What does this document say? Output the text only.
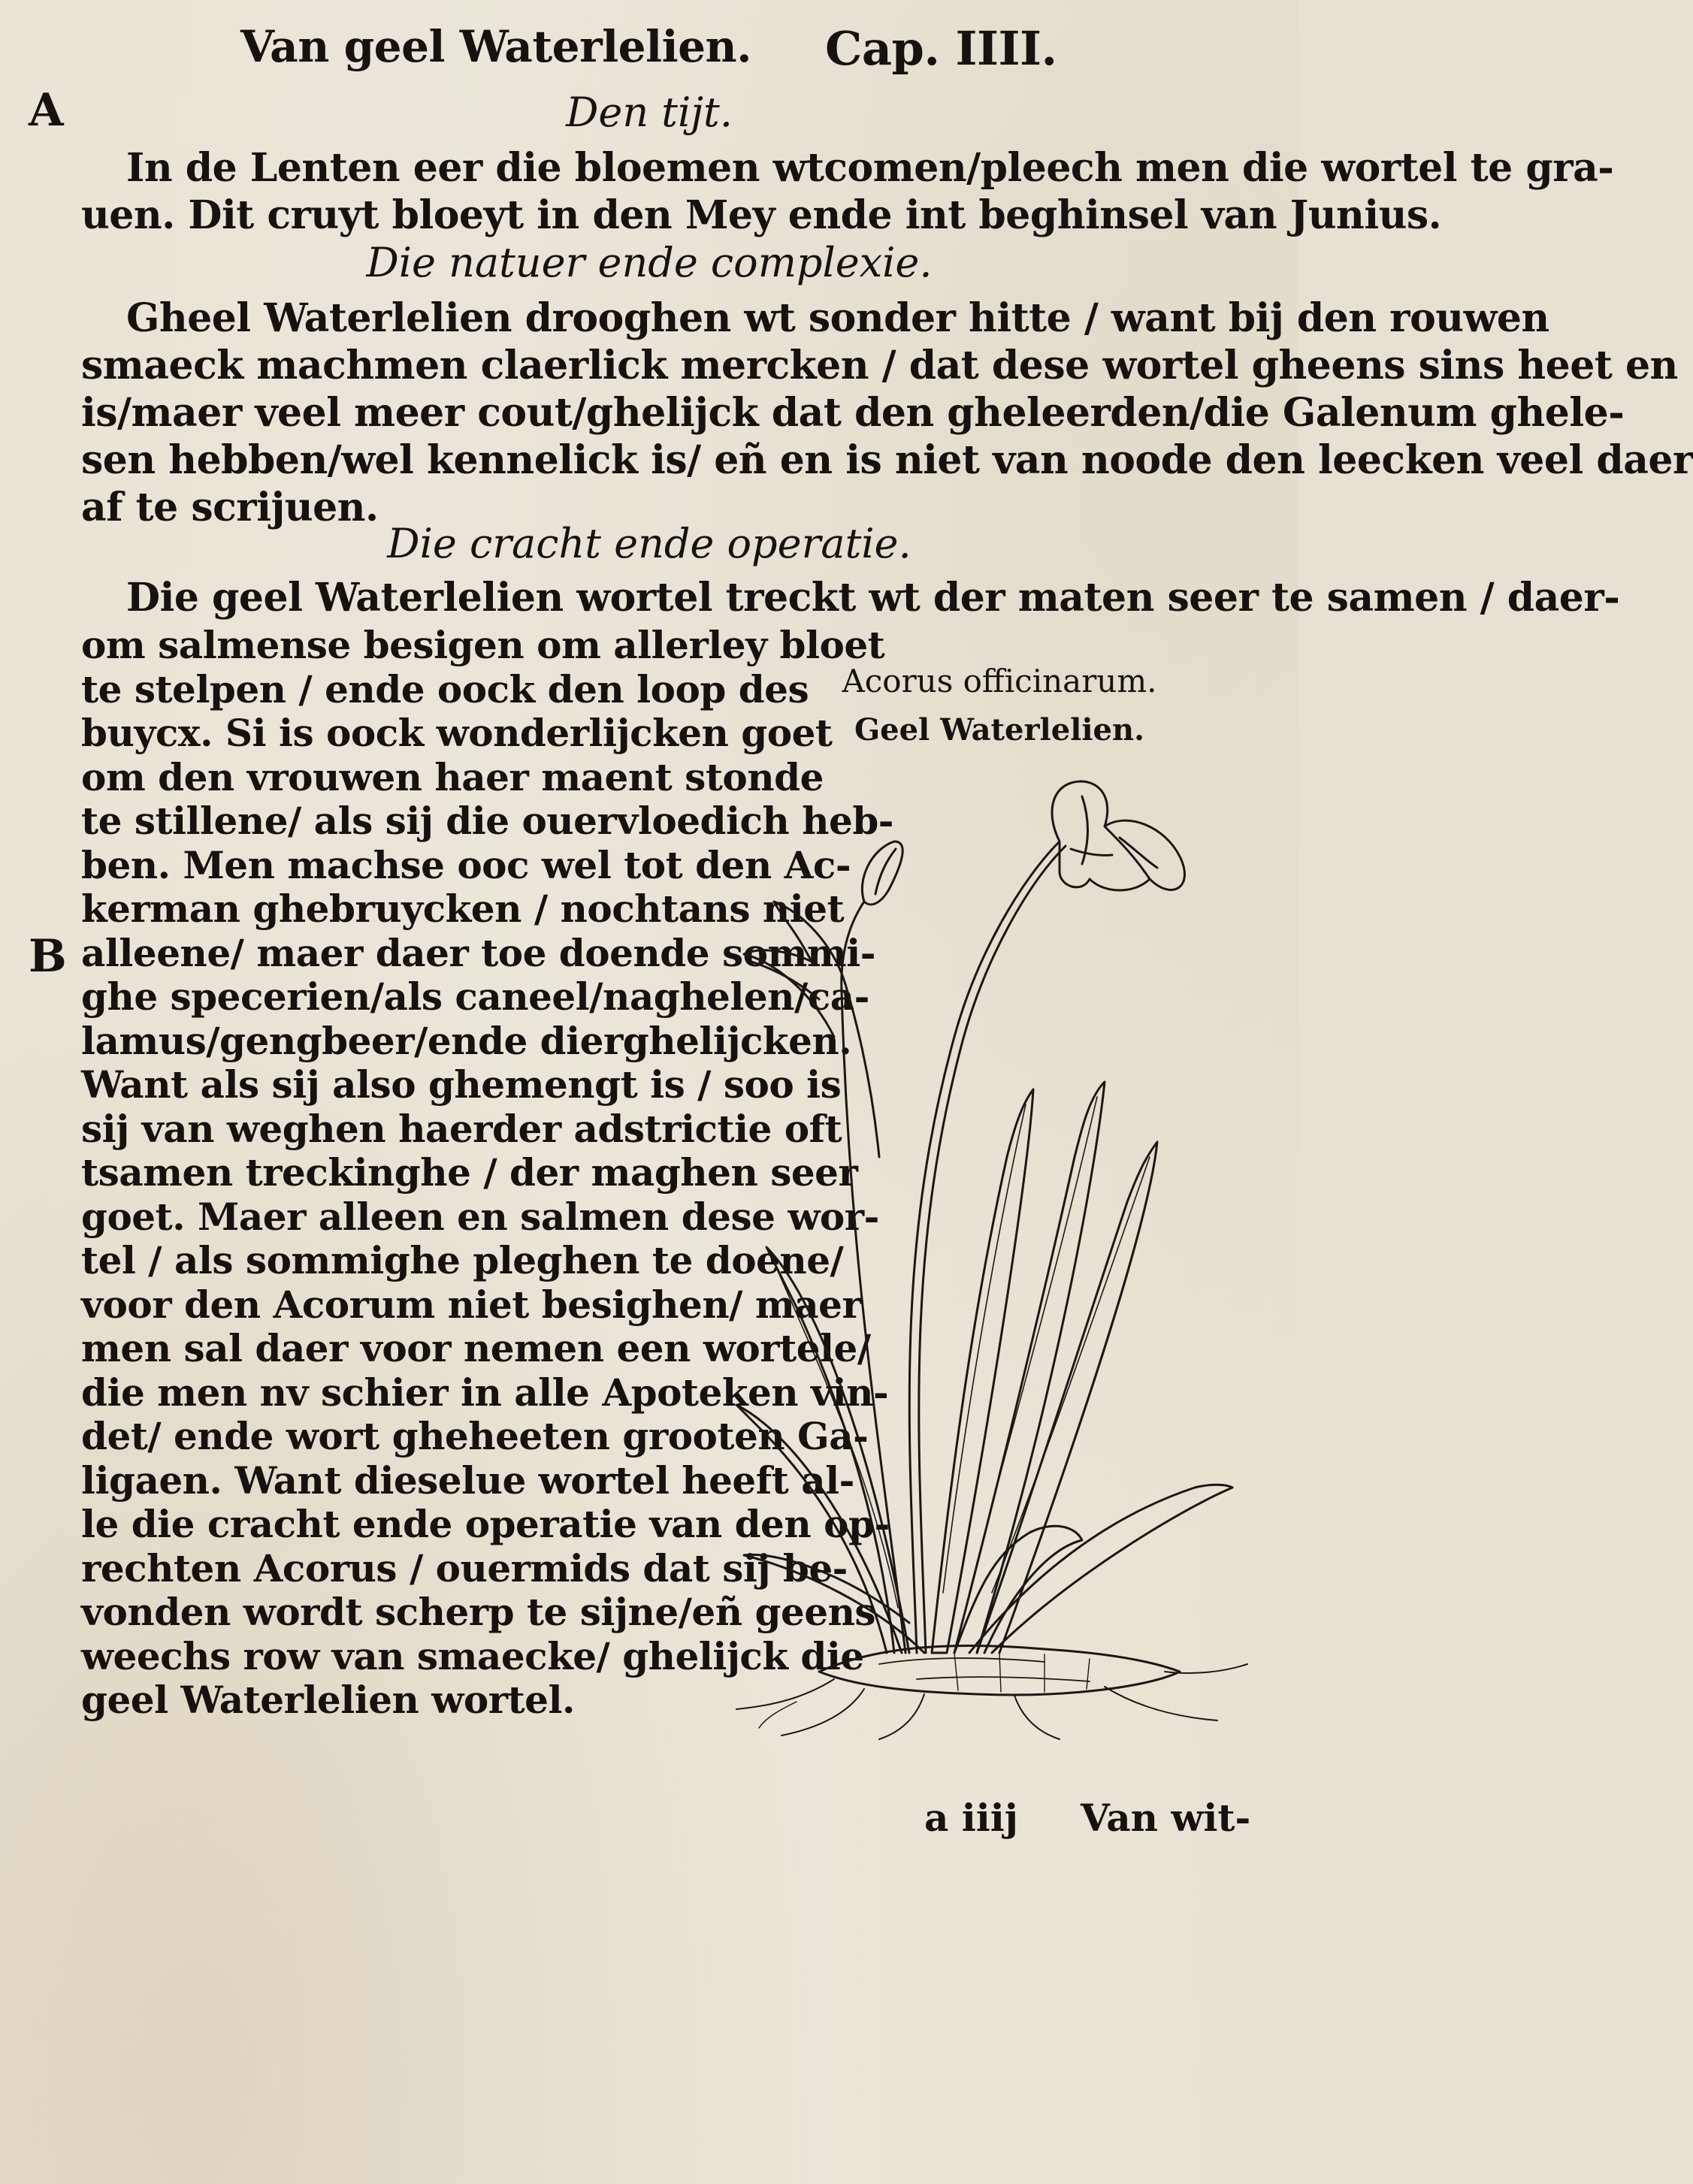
Van geel Waterlelien. Cap. IIII.
A
B
Den tijt.
In de Lenten eer die bloemen wtcomen/pleech men die wortel te gra-
uen. Dit cruyt bloeyt in den Mey ende int beghinsel van Junius.
Die natuer ende complexie.
Gheel Waterlelien drooghen wt sonder hitte / want bij den rouwen
smaeck machmen claerlick mercken / dat dese wortel gheens sins heet en
is/maer veel meer cout/ghelijck dat den gheleerden/die Galenum ghele-
sen hebben/wel kennelick is/ eñ en is niet van noode den leecken veel daer
af te scrijuen.
Die cracht ende operatie.
Die geel Waterlelien wortel treckt wt der maten seer te samen / daer-
om salmense besigen om allerley bloet
te stelpen / ende oock den loop des
buycx. Si is oock wonderlijcken goet
om den vrouwen haer maent stonde
te stillene/ als sij die ouervloedich heb-
ben. Men machse ooc wel tot den Ac-
kerman ghebruycken / nochtans niet
alleene/ maer daer toe doende sommi-
ghe specerien/als caneel/naghelen/ca-
lamus/gengbeer/ende dierghelijcken.
Want als sij also ghemengt is / soo is
sij van weghen haerder adstrictie oft
tsamen treckinghe / der maghen seer
goet. Maer alleen en salmen dese wor-
tel / als sommighe pleghen te doene/
voor den Acorum niet besighen/ maer
men sal daer voor nemen een wortele/
die men nv schier in alle Apoteken vin-
det/ ende wort gheheeten grooten Ga-
ligaen. Want dieselue wortel heeft al-
le die cracht ende operatie van den op-
rechten Acorus / ouermids dat sij be-
vonden wordt scherp te sijne/eñ geens
weechs row van smaecke/ ghelijck die
geel Waterlelien wortel.
Acorus officinarum.
Geel Waterlelien.
a iiij Van wit-
